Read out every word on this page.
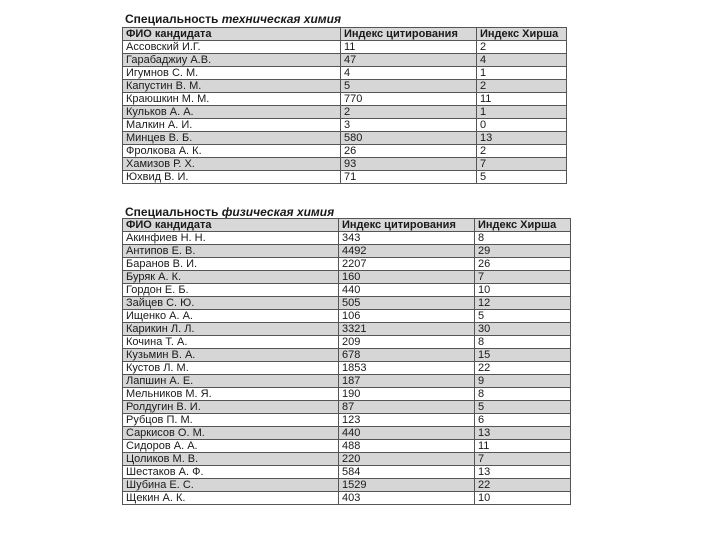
Специальность техническая химия
ФИО кандидата	Индекс цитирования	Индекс Хирша
Ассовский И.Г.	11	2
Гарабаджиу А.В.	47	4
Игумнов С. М.	4	1
Капустин В. М.	5	2
Краюшкин М. М.	770	11
Кульков А. А.	2	1
Малкин А. И.	3	0
Минцев В. Б.	580	13
Фролкова А. К.	26	2
Хамизов Р. Х.	93	7
Юхвид В. И.	71	5
Специальность физическая химия
ФИО кандидата	Индекс цитирования	Индекс Хирша
Акинфиев Н. Н.	343	8
Антипов Е. В.	4492	29
Баранов В. И.	2207	26
Буряк А. К.	160	7
Гордон Е. Б.	440	10
Зайцев С. Ю.	505	12
Ищенко А. А.	106	5
Карикин Л. Л.	3321	30
Кочина Т. А.	209	8
Кузьмин В. А.	678	15
Кустов Л. М.	1853	22
Лапшин А. Е.	187	9
Мельников М. Я.	190	8
Ролдугин В. И.	87	5
Рубцов П. М.	123	6
Саркисов О. М.	440	13
Сидоров А. А.	488	11
Цоликов М. В.	220	7
Шестаков А. Ф.	584	13
Шубина Е. С.	1529	22
Щекин А. К.	403	10
